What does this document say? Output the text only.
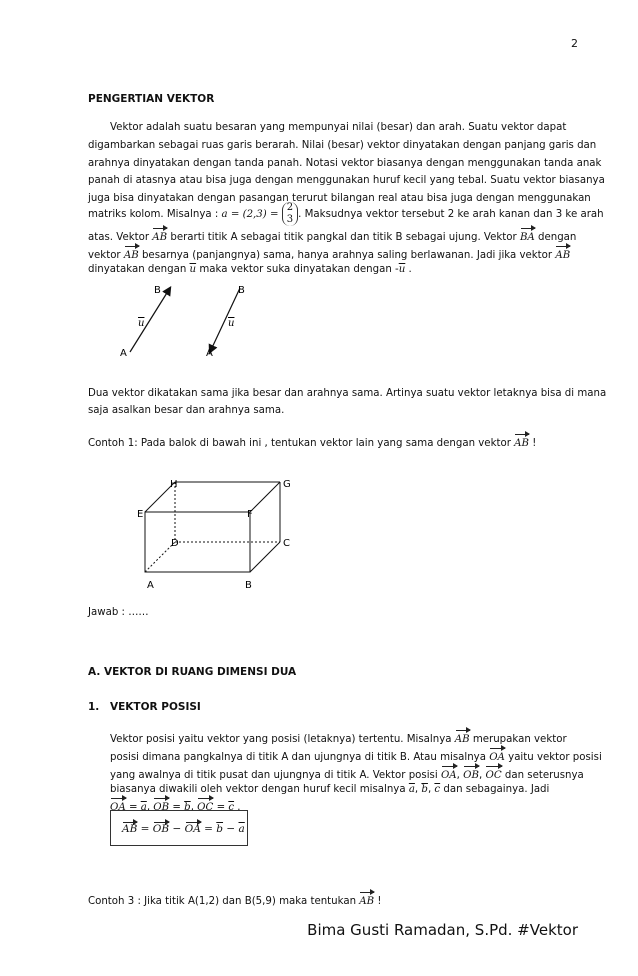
2
PENGERTIAN VEKTOR
Vektor adalah suatu besaran yang mempunyai nilai (besar) dan arah. Suatu vektor dapat
digambarkan sebagai ruas garis berarah. Nilai (besar) vektor dinyatakan dengan panjang garis dan
arahnya dinyatakan dengan tanda panah. Notasi vektor biasanya dengan menggunakan tanda anak
panah di atasnya atau bisa juga dengan menggunakan huruf kecil yang tebal. Suatu vektor biasanya
juga bisa dinyatakan dengan pasangan terurut bilangan real atau bisa juga dengan menggunakan
matriks kolom. Misalnya : a = (2,3) = 2
3 . Maksudnya vektor tersebut 2 ke arah kanan dan 3 ke arah
atas. Vektor AB berarti titik A sebagai titik pangkal dan titik B sebagai ujung. Vektor BA dengan
vektor AB besarnya (panjangnya) sama, hanya arahnya saling berlawanan. Jadi jika vektor AB
dinyatakan dengan $\overline{u}$ maka vektor suka dinyatakan dengan $-\overline{u}$ .
B
A
u
B
A
u
Dua vektor dikatakan sama jika besar dan arahnya sama. Artinya suatu vektor letaknya bisa di mana
saja asalkan besar dan arahnya sama.
Contoh 1: Pada balok di bawah ini , tentukan vektor lain yang sama dengan vektor AB !
H	G
E	F
D	C
A	B
Jawab : ……
A. VEKTOR DI RUANG DIMENSI DUA
1. VEKTOR POSISI
Vektor posisi yaitu vektor yang posisi (letaknya) tertentu. Misalnya AB merupakan vektor
posisi dimana pangkalnya di titik A dan ujungnya di titik B. Atau misalnya OA yaitu vektor posisi
yang awalnya di titik pusat dan ujungnya di titik A. Vektor posisi OA, OB, OC dan seterusnya
biasanya diwakili oleh vektor dengan huruf kecil misalnya $\overline{a}$, $\overline{b}$, $\overline{c}$ dan sebagainya. Jadi
OA = $\overline{a}$, OB = $\overline{b}$, OC = $\overline{c}$ .
AB = OB − OA = $\overline{b} - \overline{a}$
Contoh 3 : Jika titik A(1,2) dan B(5,9) maka tentukan AB !
Bima Gusti Ramadan, S.Pd. #Vektor
